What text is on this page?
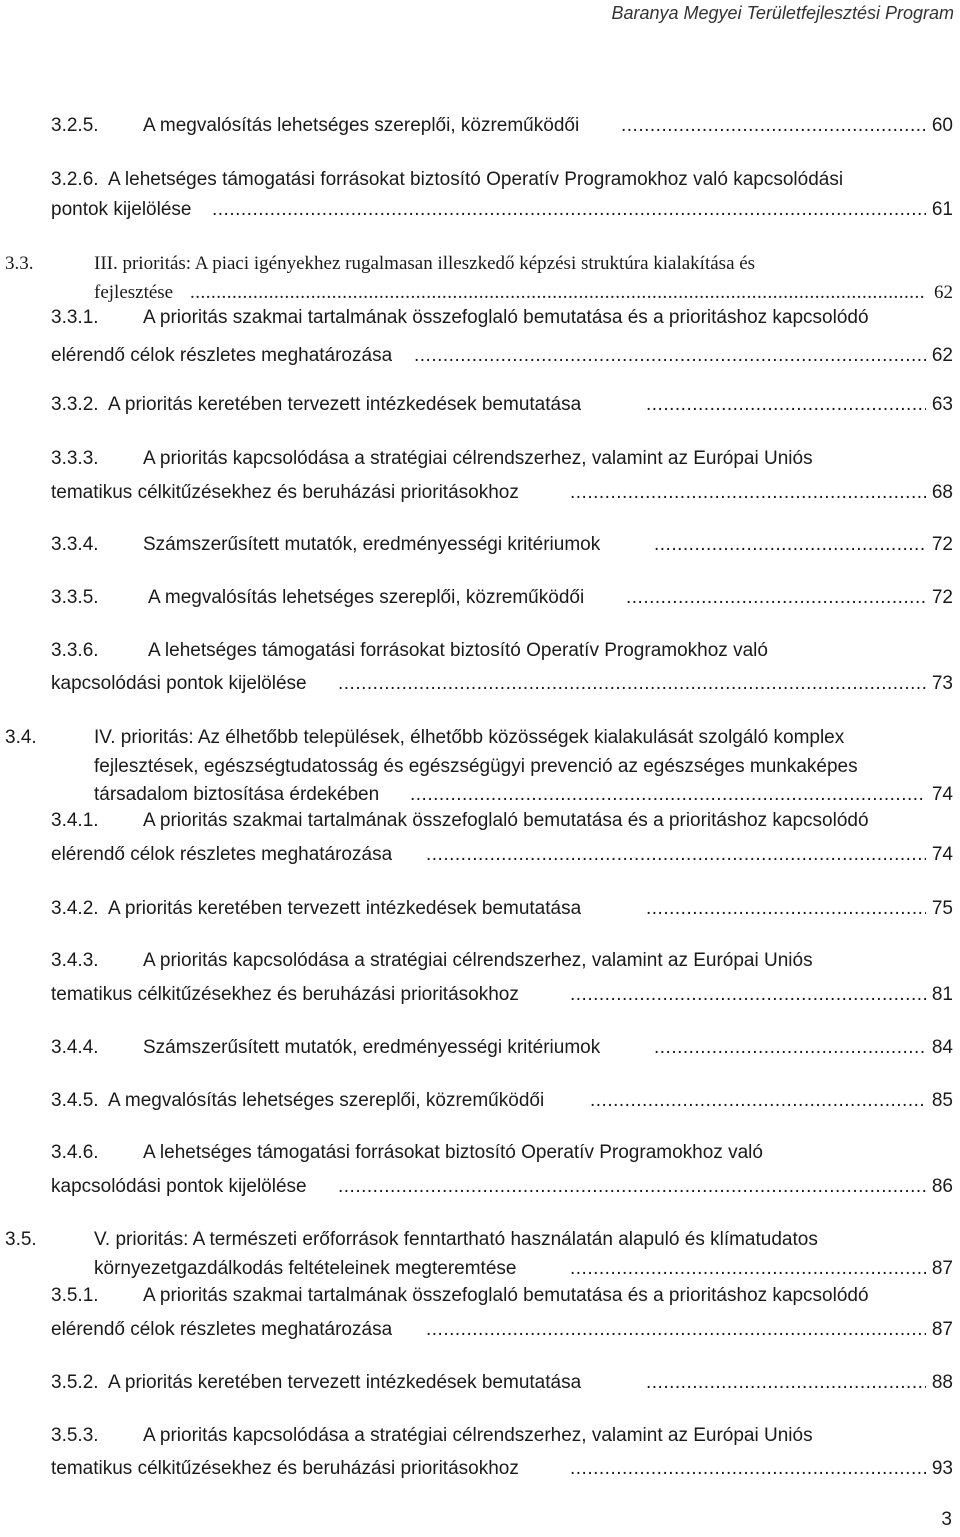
Baranya Megyei Területfejlesztési Program
3.2.5. A megvalósítás lehetséges szereplői, közreműködői .....	60
3.2.6. A lehetséges támogatási forrásokat biztosító Operatív Programokhoz való kapcsolódási
pontok kijelölése .....	61
3.3.	III. prioritás: A piaci igényekhez rugalmasan illeszkedő képzési struktúra kialakítása és
fejlesztése .....	62
3.3.1. A prioritás szakmai tartalmának összefoglaló bemutatása és a prioritáshoz kapcsolódó
elérendő célok részletes meghatározása .....	62
3.3.2. A prioritás keretében tervezett intézkedések bemutatása .....	63
3.3.3. A prioritás kapcsolódása a stratégiai célrendszerhez, valamint az Európai Uniós
tematikus célkitűzésekhez és beruházási prioritásokhoz .....	68
3.3.4. Számszerűsített mutatók, eredményességi kritériumok .....	72
3.3.5.	A megvalósítás lehetséges szereplői, közreműködői .....	72
3.3.6.	A lehetséges támogatási forrásokat biztosító Operatív Programokhoz való
kapcsolódási pontok kijelölése .....	73
3.4.	IV. prioritás: Az élhetőbb települések, élhetőbb közösségek kialakulását szolgáló komplex
fejlesztések, egészségtudatosság és egészségügyi prevenció az egészséges munkaképes
társadalom biztosítása érdekében .....	74
3.4.1. A prioritás szakmai tartalmának összefoglaló bemutatása és a prioritáshoz kapcsolódó
elérendő célok részletes meghatározása .....	74
3.4.2. A prioritás keretében tervezett intézkedések bemutatása .....	75
3.4.3. A prioritás kapcsolódása a stratégiai célrendszerhez, valamint az Európai Uniós
tematikus célkitűzésekhez és beruházási prioritásokhoz .....	81
3.4.4. Számszerűsített mutatók, eredményességi kritériumok .....	84
3.4.5. A megvalósítás lehetséges szereplői, közreműködői .....	85
3.4.6. A lehetséges támogatási forrásokat biztosító Operatív Programokhoz való
kapcsolódási pontok kijelölése .....	86
3.5.	V. prioritás: A természeti erőforrások fenntartható használatán alapuló és klímatudatos
környezetgazdálkodás feltételeinek megteremtése .....	87
3.5.1. A prioritás szakmai tartalmának összefoglaló bemutatása és a prioritáshoz kapcsolódó
elérendő célok részletes meghatározása .....	87
3.5.2. A prioritás keretében tervezett intézkedések bemutatása .....	88
3.5.3. A prioritás kapcsolódása a stratégiai célrendszerhez, valamint az Európai Uniós
tematikus célkitűzésekhez és beruházási prioritásokhoz .....	93
3
